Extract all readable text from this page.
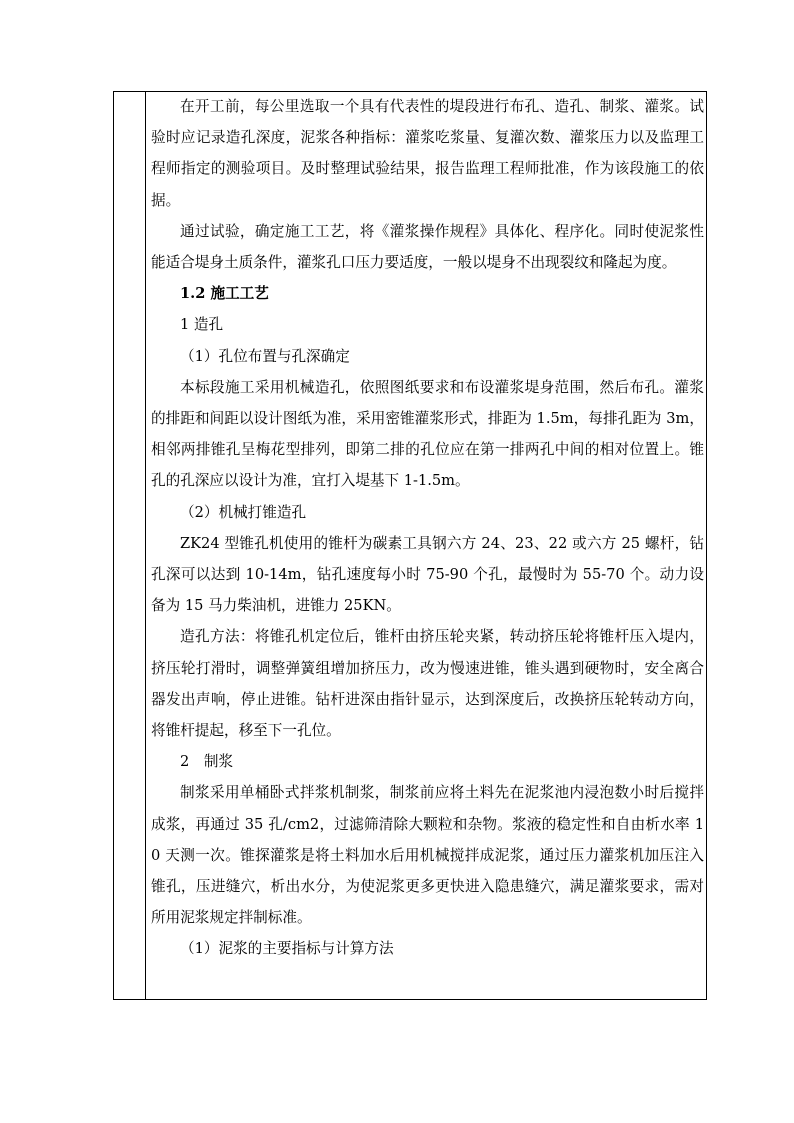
在开工前，每公里选取一个具有代表性的堤段进行布孔、造孔、制浆、灌浆。试验时应记录造孔深度，泥浆各种指标：灌浆吃浆量、复灌次数、灌浆压力以及监理工程师指定的测验项目。及时整理试验结果，报告监理工程师批准，作为该段施工的依据。

通过试验，确定施工工艺，将《灌浆操作规程》具体化、程序化。同时使泥浆性能适合堤身土质条件，灌浆孔口压力要适度，一般以堤身不出现裂纹和隆起为度。

1.2 施工工艺

1 造孔

（1）孔位布置与孔深确定

本标段施工采用机械造孔，依照图纸要求和布设灌浆堤身范围，然后布孔。灌浆的排距和间距以设计图纸为准，采用密锥灌浆形式，排距为 1.5m，每排孔距为 3m，相邻两排锥孔呈梅花型排列，即第二排的孔位应在第一排两孔中间的相对位置上。锥孔的孔深应以设计为准，宜打入堤基下 1-1.5m。

（2）机械打锥造孔

ZK24 型锥孔机使用的锥杆为碳素工具钢六方 24、23、22 或六方 25 螺杆，钻孔深可以达到 10-14m，钻孔速度每小时 75-90 个孔，最慢时为 55-70 个。动力设备为 15 马力柴油机，进锥力 25KN。

造孔方法：将锥孔机定位后，锥杆由挤压轮夹紧，转动挤压轮将锥杆压入堤内，挤压轮打滑时，调整弹簧组增加挤压力，改为慢速进锥，锥头遇到硬物时，安全离合器发出声响，停止进锥。钻杆进深由指针显示，达到深度后，改换挤压轮转动方向，将锥杆提起，移至下一孔位。

2　制浆

制浆采用单桶卧式拌浆机制浆，制浆前应将土料先在泥浆池内浸泡数小时后搅拌成浆，再通过 35 孔/cm2，过滤筛清除大颗粒和杂物。浆液的稳定性和自由析水率 10 天测一次。锥探灌浆是将土料加水后用机械搅拌成泥浆，通过压力灌浆机加压注入锥孔，压进缝穴，析出水分，为使泥浆更多更快进入隐患缝穴，满足灌浆要求，需对所用泥浆规定拌制标准。

（1）泥浆的主要指标与计算方法
